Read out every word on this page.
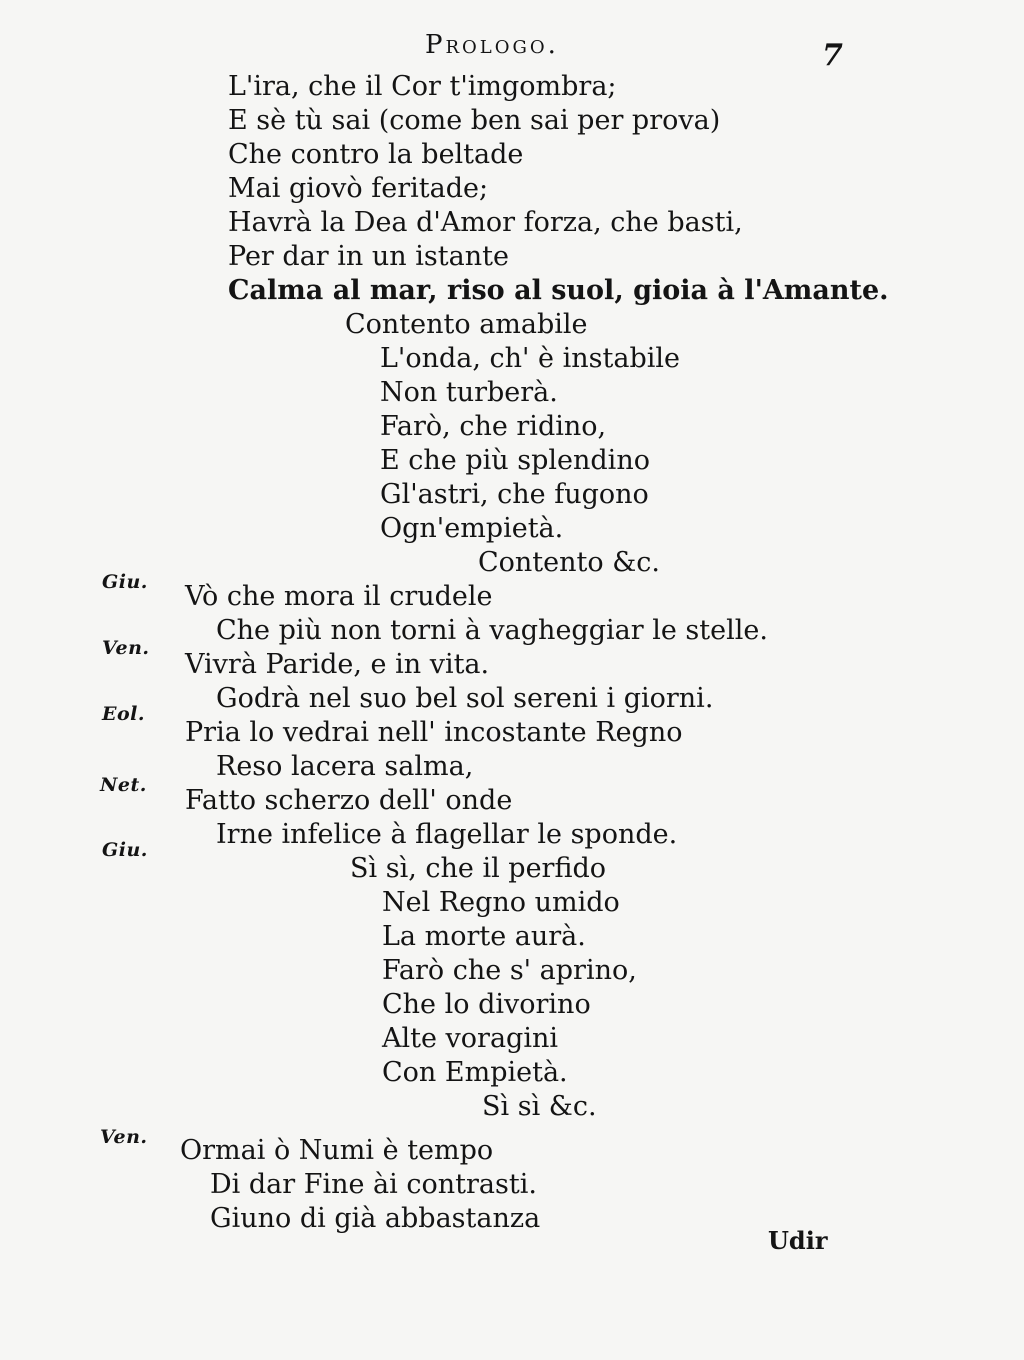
Prologo.	7
L'ira, che il Cor t'imgombra;
E sè tù sai (come ben sai per prova)
Che contro la beltade
Mai giovò feritade;
Havrà la Dea d'Amor forza, che basti,
Per dar in un istante
Calma al mar, riso al suol, gioia à l'Amante.
Contento amabile
L'onda, ch' è instabile
Non turberà.
Farò, che ridino,
E che più splendino
Gl'astri, che fugono
Ogn'empietà.
Contento &c.
Vò che mora il crudele
Che più non torni à vagheggiar le stelle.
Vivrà Paride, e in vita.
Godrà nel suo bel sol sereni i giorni.
Pria lo vedrai nell' incostante Regno
Reso lacera salma,
Fatto scherzo dell' onde
Irne infelice à flagellar le sponde.
Sì sì, che il perfido
Nel Regno umido
La morte aurà.
Farò che s' aprino,
Che lo divorino
Alte voragini
Con Empietà.
Sì sì &c.
Ormai ò Numi è tempo
Di dar Fine ài contrasti.
Giuno di già abbastanza
Giu.
Ven.
Eol.
Net.
Giu.
Ven.
Udir
